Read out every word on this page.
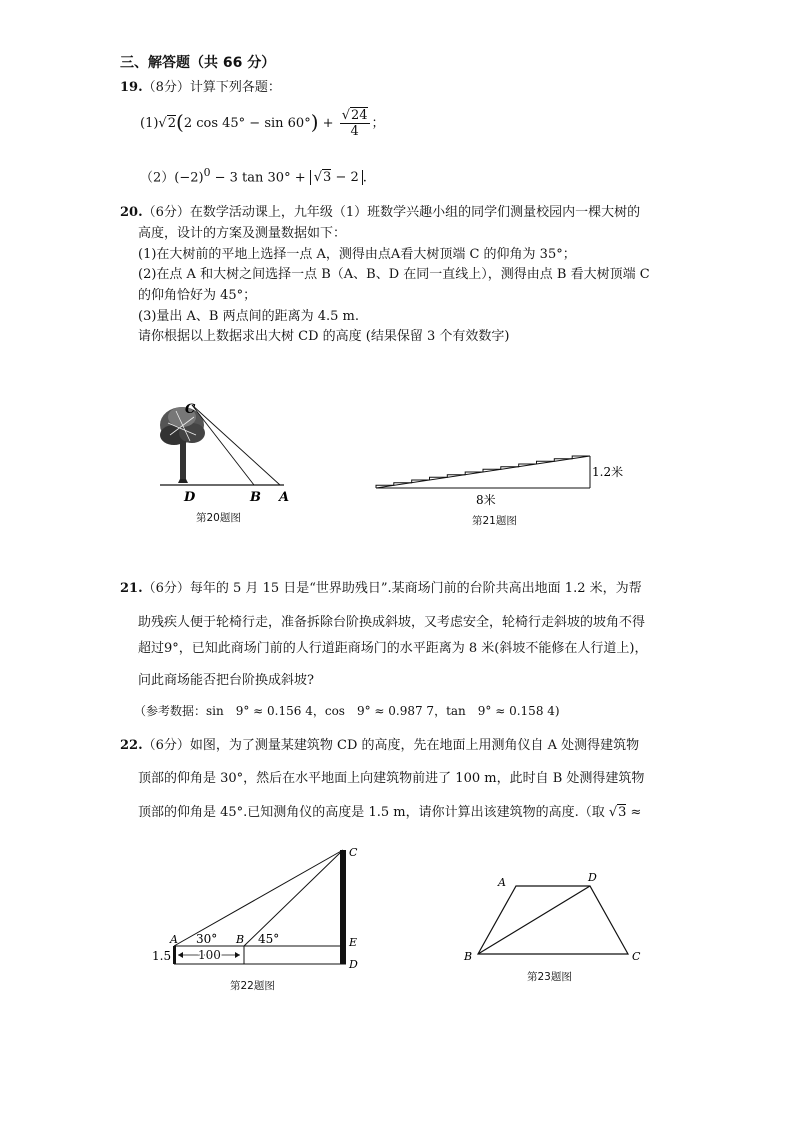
三、解答题（共 66 分）
19.（8分）计算下列各题：
(1)√2(2 $\cos 45^\circ - \sin 60^\circ) + \frac{√24}{4}$ ；
$(2)(-2)^0 - 3$ tan 30° + √3 − 2 .
20.（6分）在数学活动课上，九年级（1）班数学兴趣小组的同学们测量校园内一棵大树的
高度，设计的方案及测量数据如下：
(1)在大树前的平地上选择一点 A，测得由点A看大树顶端 C 的仰角为 35°；
(2)在点 A 和大树之间选择一点 B（A、B、D 在同一直线上），测得由点 B 看大树顶端 C
的仰角恰好为 45°；
(3)量出 A、B 两点间的距离为 4.5 m.
请你根据以上数据求出大树 CD 的高度 (结果保留 3 个有效数字)
C
D	B A
第20题图
1.2米
8米
第21题图
21.（6分）每年的 5 月 15 日是“世界助残日”.某商场门前的台阶共高出地面 1.2 米，为帮
助残疾人便于轮椅行走，准备拆除台阶换成斜坡，又考虑安全，轮椅行走斜坡的坡角不得
超过9°，已知此商场门前的人行道距商场门的水平距离为 8 米(斜坡不能修在人行道上)，
问此商场能否把台阶换成斜坡?
（参考数据：sin　9° ≈ 0.156 4，cos　9° ≈ 0.987 7，tan　9° ≈ 0.158 4)
22.（6分）如图，为了测量某建筑物 CD 的高度，先在地面上用测角仪自 A 处测得建筑物
顶部的仰角是 30°，然后在水平地面上向建筑物前进了 100 m，此时自 B 处测得建筑物
顶部的仰角是 45°.已知测角仪的高度是 1.5 m，请你计算出该建筑物的高度.（取 √3 ≈
100
1.5
A 30° B 45°
C
E
D
第22题图
A	D
B	C
第23题图
